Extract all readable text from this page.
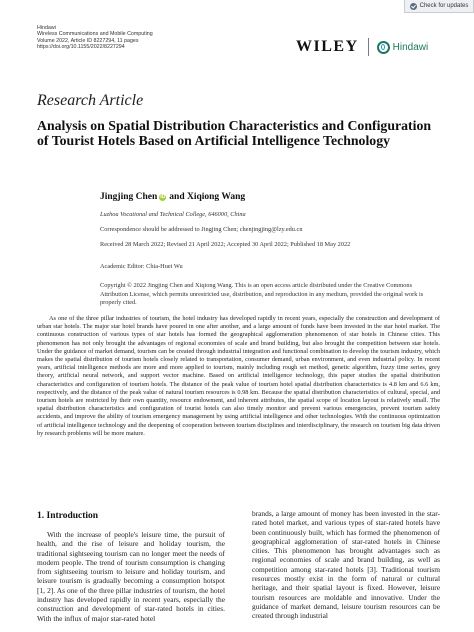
Check for updates
Hindawi
Wireless Communications and Mobile Computing
Volume 2022, Article ID 8227294, 11 pages
https://doi.org/10.1155/2022/8227294	WILEY	Hindawi
Research Article
Analysis on Spatial Distribution Characteristics and Configuration of Tourist Hotels Based on Artificial Intelligence Technology
Jingjing Chen iD and Xiqiong Wang
Luzhou Vocational and Technical College, 646000, China
Correspondence should be addressed to Jingjing Chen; chenjingjing@lzy.edu.cn
Received 28 March 2022; Revised 21 April 2022; Accepted 30 April 2022; Published 18 May 2022
Academic Editor: Chia-Huei Wu

Copyright © 2022 Jingjing Chen and Xiqiong Wang. This is an open access article distributed under the Creative Commons Attribution License, which permits unrestricted use, distribution, and reproduction in any medium, provided the original work is properly cited.

As one of the three pillar industries of tourism, the hotel industry has developed rapidly in recent years, especially the construction and development of urban star hotels. The major star hotel brands have poured in one after another, and a large amount of funds have been invested in the star hotel market. The continuous construction of various types of star hotels has formed the geographical agglomeration phenomenon of star hotels in Chinese cities. This phenomenon has not only brought the advantages of regional economies of scale and brand building, but also brought the competition between star hotels. Under the guidance of market demand, tourism can be created through industrial integration and functional combination to develop the tourism industry, which makes the spatial distribution of tourism hotels closely related to transportation, consumer demand, urban environment, and even industrial policy. In recent years, artificial intelligence methods are more and more applied to tourism, mainly including rough set method, genetic algorithm, fuzzy time series, grey theory, artificial neural network, and support vector machine. Based on artificial intelligence technology, this paper studies the spatial distribution characteristics and configuration of tourism hotels. The distance of the peak value of tourism hotel spatial distribution characteristics is 4.8 km and 6.6 km, respectively, and the distance of the peak value of natural tourism resources is 0.98 km. Because the spatial distribution characteristics of cultural, special, and tourism hotels are restricted by their own quantity, resource endowment, and inherent attributes, the spatial scope of location layout is relatively small. The spatial distribution characteristics and configuration of tourist hotels can also timely monitor and prevent various emergencies, prevent tourism safety accidents, and improve the ability of tourism emergency management by using artificial intelligence and other technologies. With the continuous optimization of artificial intelligence technology and the deepening of cooperation between tourism disciplines and interdisciplinary, the research on tourism big data driven by research problems will be more mature.

1. Introduction

With the increase of people's leisure time, the pursuit of health, and the rise of leisure and holiday tourism, the traditional sightseeing tourism can no longer meet the needs of modern people. The trend of tourism consumption is changing from sightseeing tourism to leisure and holiday tourism, and leisure tourism is gradually becoming a consumption hotspot [1, 2]. As one of the three pillar industries of tourism, the hotel industry has developed rapidly in recent years, especially the construction and development of star-rated hotels in cities. With the influx of major star-rated hotel

brands, a large amount of money has been invested in the star-rated hotel market, and various types of star-rated hotels have been continuously built, which has formed the phenomenon of geographical agglomeration of star-rated hotels in Chinese cities. This phenomenon has brought advantages such as regional economies of scale and brand building, as well as competition among star-rated hotels [3]. Traditional tourism resources mostly exist in the form of natural or cultural heritage, and their spatial layout is fixed. However, leisure tourism resources are moldable and innovative. Under the guidance of market demand, leisure tourism resources can be created through industrial
